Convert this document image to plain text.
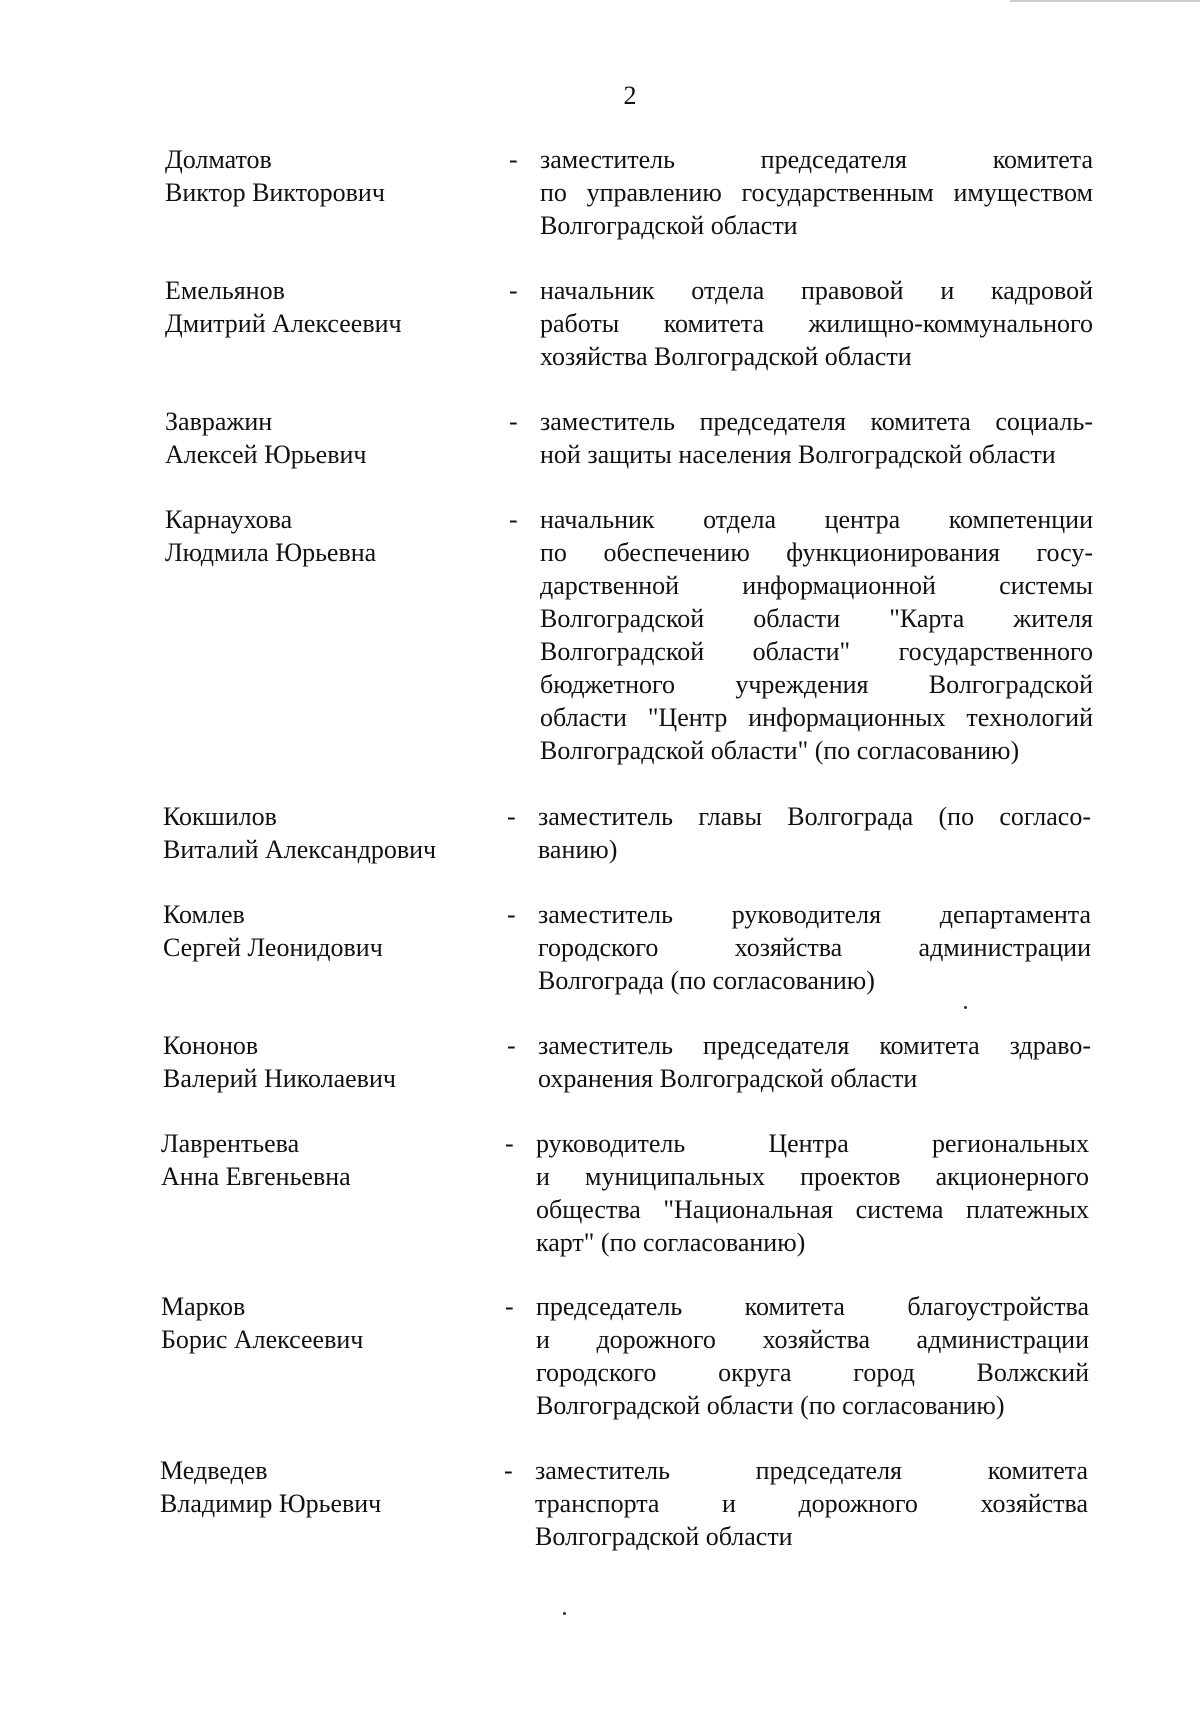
2
Долматов
Виктор Викторович
- заместитель председателя комитета
по управлению государственным имуществом
Волгоградской области
Емельянов
Дмитрий Алексеевич
- начальник отдела правовой и кадровой
работы комитета жилищно-коммунального
хозяйства Волгоградской области
Завражин
Алексей Юрьевич
- заместитель председателя комитета социаль-
ной защиты населения Волгоградской области
Карнаухова
Людмила Юрьевна
- начальник отдела центра компетенции
по обеспечению функционирования госу-
дарственной информационной системы
Волгоградской области "Карта жителя
Волгоградской области" государственного
бюджетного учреждения Волгоградской
области "Центр информационных технологий
Волгоградской области" (по согласованию)
Кокшилов
Виталий Александрович
- заместитель главы Волгограда (по согласо-
ванию)
Комлев
Сергей Леонидович
- заместитель руководителя департамента
городского хозяйства администрации
Волгограда (по согласованию)
Кононов
Валерий Николаевич
- заместитель председателя комитета здраво-
охранения Волгоградской области
Лаврентьева
Анна Евгеньевна
- руководитель Центра региональных
и муниципальных проектов акционерного
общества "Национальная система платежных
карт" (по согласованию)
Марков
Борис Алексеевич
- председатель комитета благоустройства
и дорожного хозяйства администрации
городского округа город Волжский
Волгоградской области (по согласованию)
Медведев
Владимир Юрьевич
- заместитель председателя комитета
транспорта и дорожного хозяйства
Волгоградской области
